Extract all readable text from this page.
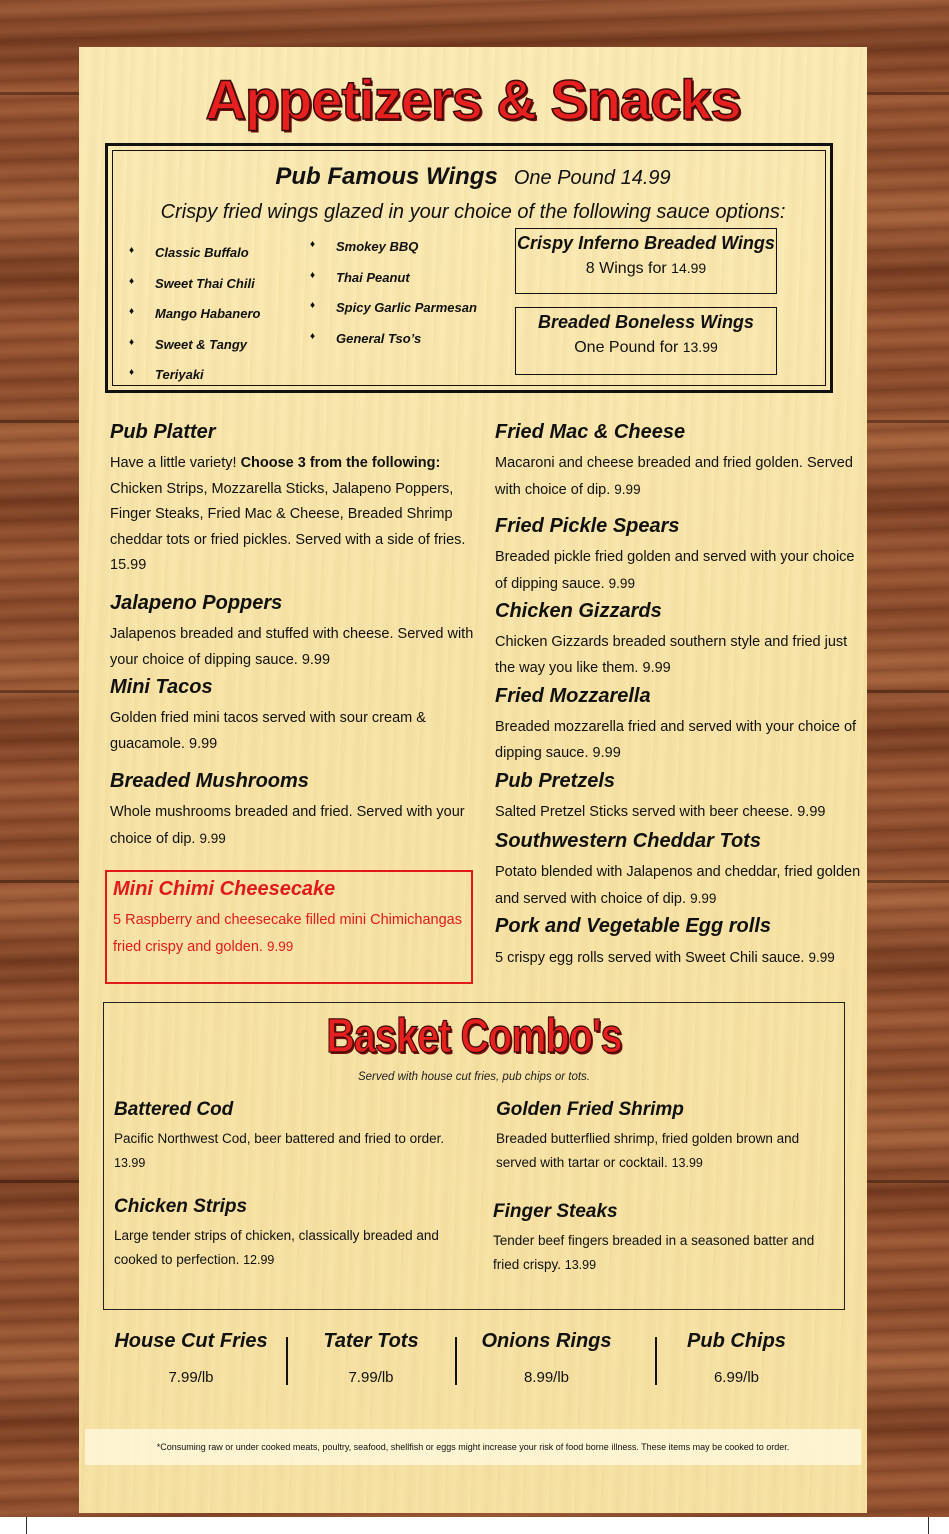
Appetizers & Snacks
Pub Famous Wings One Pound 14.99
Crispy fried wings glazed in your choice of the following sauce options:
♦ Classic Buffalo
♦ Sweet Thai Chili
♦ Mango Habanero
♦ Sweet & Tangy
♦ Teriyaki
♦ Smokey BBQ
♦ Thai Peanut
♦ Spicy Garlic Parmesan
♦ General Tso’s
Crispy Inferno Breaded Wings
8 Wings for 14.99
Breaded Boneless Wings
One Pound for 13.99
Pub Platter
Have a little variety! Choose 3 from the following: Chicken Strips, Mozzarella Sticks, Jalapeno Poppers, Finger Steaks, Fried Mac & Cheese, Breaded Shrimp cheddar tots or fried pickles. Served with a side of fries. 15.99
Jalapeno Poppers
Jalapenos breaded and stuffed with cheese. Served with your choice of dipping sauce. 9.99
Mini Tacos
Golden fried mini tacos served with sour cream & guacamole. 9.99
Breaded Mushrooms
Whole mushrooms breaded and fried. Served with your choice of dip. 9.99
Mini Chimi Cheesecake
5 Raspberry and cheesecake filled mini Chimichangas fried crispy and golden. 9.99
Fried Mac & Cheese
Macaroni and cheese breaded and fried golden. Served with choice of dip. 9.99
Fried Pickle Spears
Breaded pickle fried golden and served with your choice of dipping sauce. 9.99
Chicken Gizzards
Chicken Gizzards breaded southern style and fried just the way you like them. 9.99
Fried Mozzarella
Breaded mozzarella fried and served with your choice of dipping sauce. 9.99
Pub Pretzels
Salted Pretzel Sticks served with beer cheese. 9.99
Southwestern Cheddar Tots
Potato blended with Jalapenos and cheddar, fried golden and served with choice of dip. 9.99
Pork and Vegetable Egg rolls
5 crispy egg rolls served with Sweet Chili sauce. 9.99
Basket Combo's
Served with house cut fries, pub chips or tots.
Battered Cod
Pacific Northwest Cod, beer battered and fried to order. 13.99
Golden Fried Shrimp
Breaded butterflied shrimp, fried golden brown and served with tartar or cocktail. 13.99
Chicken Strips
Large tender strips of chicken, classically breaded and cooked to perfection. 12.99
Finger Steaks
Tender beef fingers breaded in a seasoned batter and fried crispy. 13.99
House Cut Fries
7.99/lb
Tater Tots
7.99/lb
Onions Rings
8.99/lb
Pub Chips
6.99/lb
*Consuming raw or under cooked meats, poultry, seafood, shellfish or eggs might increase your risk of food borne illness. These items may be cooked to order.
